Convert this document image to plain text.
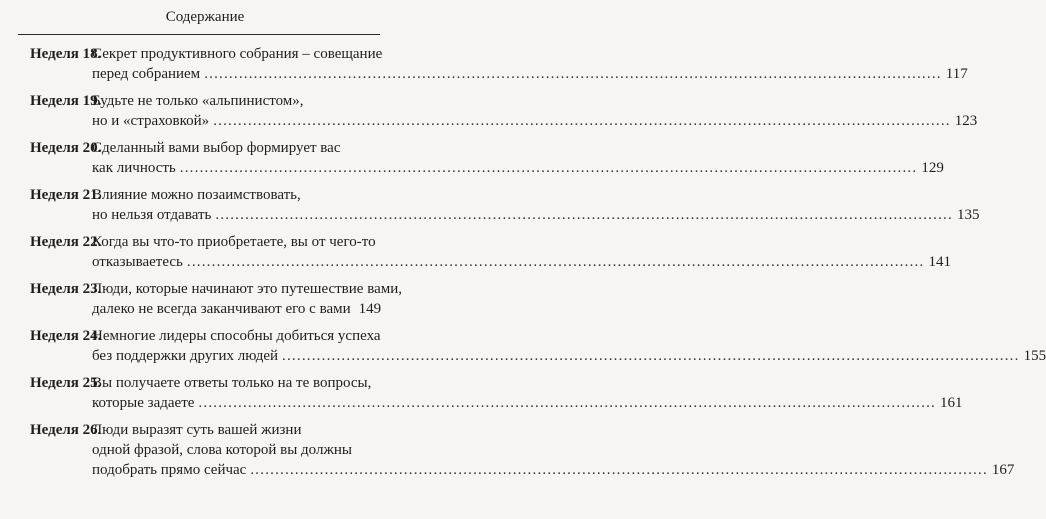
Содержание
Неделя 18.
Секрет продуктивного собрания – совещание
перед собранием .....	117
Неделя 19.
Будьте не только «альпинистом»,
но и «страховкой» .....	123
Неделя 20.
Сделанный вами выбор формирует вас
как личность .....	129
Неделя 21.
Влияние можно позаимствовать,
но нельзя отдавать .....	135
Неделя 22.
Когда вы что-то приобретаете, вы от чего-то
отказываетесь .....	141
Неделя 23.
Люди, которые начинают это путешествие вами,
далеко не всегда заканчивают его с вами 149
Неделя 24.
Немногие лидеры способны добиться успеха
без поддержки других людей .....	155
Неделя 25.
Вы получаете ответы только на те вопросы,
которые задаете .....	161
Неделя 26.
Люди выразят суть вашей жизни
одной фразой, слова которой вы должны
подобрать прямо сейчас .....	167
